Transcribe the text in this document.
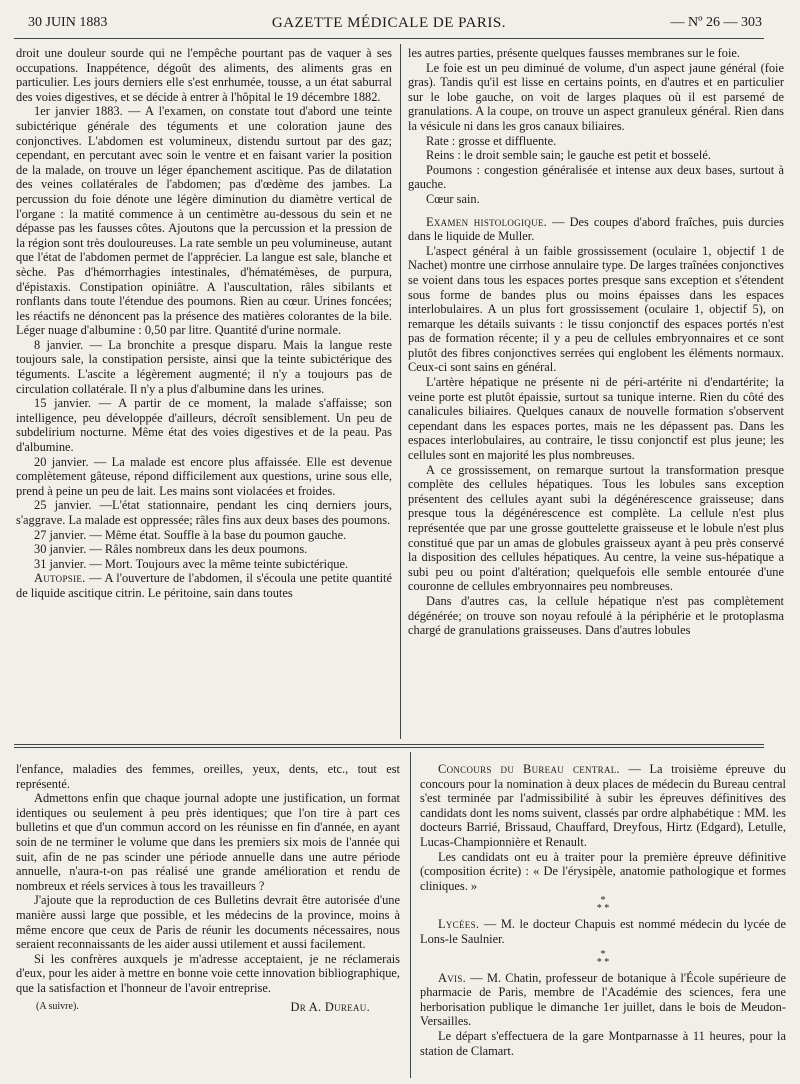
30 JUIN 1883	GAZETTE MÉDICALE DE PARIS.	— Nº 26 — 303

droit une douleur sourde qui ne l'empêche pourtant pas de vaquer à ses occupations. Inappétence, dégoût des aliments, des aliments gras en particulier. Les jours derniers elle s'est enrhumée, tousse, a un état saburral des voies digestives, et se décide à entrer à l'hôpital le 19 décembre 1882.

1er janvier 1883. — A l'examen, on constate tout d'abord une teinte subictérique générale des téguments et une coloration jaune des conjonctives. L'abdomen est volumineux, distendu surtout par des gaz; cependant, en percutant avec soin le ventre et en faisant varier la position de la malade, on trouve un léger épanchement ascitique. Pas de dilatation des veines collatérales de l'abdomen; pas d'œdème des jambes. La percussion du foie dénote une légère diminution du diamètre vertical de l'organe : la matité commence à un centimètre au-dessous du sein et ne dépasse pas les fausses côtes. Ajoutons que la percussion et la pression de la région sont très douloureuses. La rate semble un peu volumineuse, autant que l'état de l'abdomen permet de l'apprécier. La langue est sale, blanche et sèche. Pas d'hémorrhagies intestinales, d'hématémèses, de purpura, d'épistaxis. Constipation opiniâtre. A l'auscultation, râles sibilants et ronflants dans toute l'étendue des poumons. Rien au cœur. Urines foncées; les réactifs ne dénoncent pas la présence des matières colorantes de la bile. Léger nuage d'albumine : 0,50 par litre. Quantité d'urine normale.

8 janvier. — La bronchite a presque disparu. Mais la langue reste toujours sale, la constipation persiste, ainsi que la teinte subictérique des téguments. L'ascite a légèrement augmenté; il n'y a toujours pas de circulation collatérale. Il n'y a plus d'albumine dans les urines.

15 janvier. — A partir de ce moment, la malade s'affaisse; son intelligence, peu développée d'ailleurs, décroît sensiblement. Un peu de subdelirium nocturne. Même état des voies digestives et de la peau. Pas d'albumine.

20 janvier. — La malade est encore plus affaissée. Elle est devenue complètement gâteuse, répond difficilement aux questions, urine sous elle, prend à peine un peu de lait. Les mains sont violacées et froides.

25 janvier. —L'état stationnaire, pendant les cinq derniers jours, s'aggrave. La malade est oppressée; râles fins aux deux bases des poumons.

27 janvier. — Même état. Souffle à la base du poumon gauche.

30 janvier. — Râles nombreux dans les deux poumons.

31 janvier. — Mort. Toujours avec la même teinte subictérique.

Autopsie. — A l'ouverture de l'abdomen, il s'écoula une petite quantité de liquide ascitique citrin. Le péritoine, sain dans toutes

les autres parties, présente quelques fausses membranes sur le foie.

Le foie est un peu diminué de volume, d'un aspect jaune général (foie gras). Tandis qu'il est lisse en certains points, en d'autres et en particulier sur le lobe gauche, on voit de larges plaques où il est parsemé de granulations. A la coupe, on trouve un aspect granuleux général. Rien dans la vésicule ni dans les gros canaux biliaires.

Rate : grosse et diffluente.

Reins : le droit semble sain; le gauche est petit et bosselé.

Poumons : congestion généralisée et intense aux deux bases, surtout à gauche.

Cœur sain.

Examen histologique. — Des coupes d'abord fraîches, puis durcies dans le liquide de Muller.

L'aspect général à un faible grossissement (oculaire 1, objectif 1 de Nachet) montre une cirrhose annulaire type. De larges traînées conjonctives se voient dans tous les espaces portes presque sans exception et s'étendent sous forme de bandes plus ou moins épaisses dans les espaces interlobulaires. A un plus fort grossissement (oculaire 1, objectif 5), on remarque les détails suivants : le tissu conjonctif des espaces portés n'est pas de formation récente; il y a peu de cellules embryonnaires et ce sont plutôt des fibres conjonctives serrées qui englobent les éléments normaux. Ceux-ci sont sains en général.

L'artère hépatique ne présente ni de péri-artérite ni d'endartérite; la veine porte est plutôt épaissie, surtout sa tunique interne. Rien du côté des canalicules biliaires. Quelques canaux de nouvelle formation s'observent cependant dans les espaces portes, mais ne les dépassent pas. Dans les espaces interlobulaires, au contraire, le tissu conjonctif est plus jeune; les cellules sont en majorité les plus nombreuses.

A ce grossissement, on remarque surtout la transformation presque complète des cellules hépatiques. Tous les lobules sans exception présentent des cellules ayant subi la dégénérescence graisseuse; dans presque tous la dégénérescence est complète. La cellule n'est plus représentée que par une grosse gouttelette graisseuse et le lobule n'est plus constitué que par un amas de globules graisseux ayant à peu près conservé la disposition des cellules hépatiques. Au centre, la veine sus-hépatique a subi peu ou point d'altération; quelquefois elle semble entourée d'une couronne de cellules embryonnaires peu nombreuses.

Dans d'autres cas, la cellule hépatique n'est pas complètement dégénérée; on trouve son noyau refoulé à la périphérie et le protoplasma chargé de granulations graisseuses. Dans d'autres lobules

l'enfance, maladies des femmes, oreilles, yeux, dents, etc., tout est représenté.

Admettons enfin que chaque journal adopte une justification, un format identiques ou seulement à peu près identiques; que l'on tire à part ces bulletins et que d'un commun accord on les réunisse en fin d'année, en ayant soin de ne terminer le volume que dans les premiers six mois de l'année qui suit, afin de ne pas scinder une période annuelle dans une autre période annuelle, n'aura-t-on pas réalisé une grande amélioration et rendu de nombreux et réels services à tous les travailleurs ?

J'ajoute que la reproduction de ces Bulletins devrait être autorisée d'une manière aussi large que possible, et les médecins de la province, moins à même encore que ceux de Paris de réunir les documents nécessaires, nous seraient reconnaissants de les aider aussi utilement et aussi facilement.

Si les confrères auxquels je m'adresse acceptaient, je ne réclamerais d'eux, pour les aider à mettre en bonne voie cette innovation bibliographique, que la satisfaction et l'honneur de l'avoir entreprise.

(A suivre).	Dr A. Dureau.

Concours du Bureau central. — La troisième épreuve du concours pour la nomination à deux places de médecin du Bureau central s'est terminée par l'admissibilité à subir les épreuves définitives des candidats dont les noms suivent, classés par ordre alphabétique : MM. les docteurs Barrié, Brissaud, Chauffard, Dreyfous, Hirtz (Edgard), Letulle, Lucas-Championnière et Renault.

Les candidats ont eu à traiter pour la première épreuve définitive (composition écrite) : « De l'érysipèle, anatomie pathologique et formes cliniques. »

*
* *

Lycées. — M. le docteur Chapuis est nommé médecin du lycée de Lons-le Saulnier.

*
* *

Avis. — M. Chatin, professeur de botanique à l'École supérieure de pharmacie de Paris, membre de l'Académie des sciences, fera une herborisation publique le dimanche 1er juillet, dans le bois de Meudon-Versailles.

Le départ s'effectuera de la gare Montparnasse à 11 heures, pour la station de Clamart.
